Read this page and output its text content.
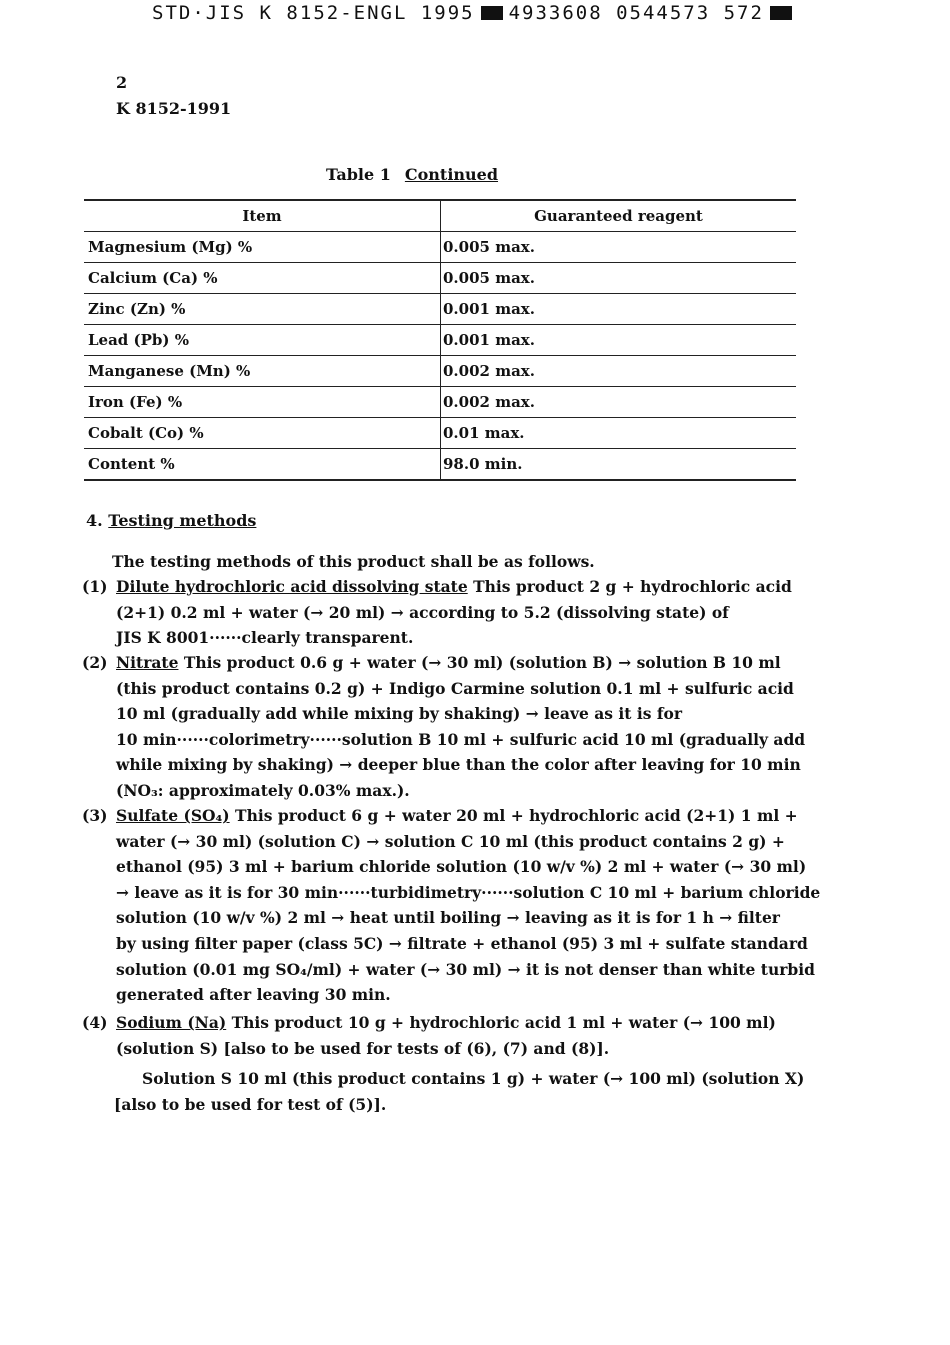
STD·JIS K 8152-ENGL 1995 4933608 0544573 572
2
K 8152-1991
Table 1 Continued
Item	Guaranteed reagent
Magnesium (Mg) %	0.005 max.
Calcium (Ca) %	0.005 max.
Zinc (Zn) %	0.001 max.
Lead (Pb) %	0.001 max.
Manganese (Mn) %	0.002 max.
Iron (Fe) %	0.002 max.
Cobalt (Co) %	0.01 max.
Content %	98.0 min.
4. Testing methods
The testing methods of this product shall be as follows.
(1) Dilute hydrochloric acid dissolving state This product 2 g + hydrochloric acid
(2+1) 0.2 ml + water (→ 20 ml) → according to 5.2 (dissolving state) of
JIS K 8001······clearly transparent.
(2) Nitrate This product 0.6 g + water (→ 30 ml) (solution B) → solution B 10 ml
(this product contains 0.2 g) + Indigo Carmine solution 0.1 ml + sulfuric acid
10 ml (gradually add while mixing by shaking) → leave as it is for
10 min······colorimetry······solution B 10 ml + sulfuric acid 10 ml (gradually add
while mixing by shaking) → deeper blue than the color after leaving for 10 min
(NO₃: approximately 0.03% max.).
(3) Sulfate (SO₄) This product 6 g + water 20 ml + hydrochloric acid (2+1) 1 ml +
water (→ 30 ml) (solution C) → solution C 10 ml (this product contains 2 g) +
ethanol (95) 3 ml + barium chloride solution (10 w/v %) 2 ml + water (→ 30 ml)
→ leave as it is for 30 min······turbidimetry······solution C 10 ml + barium chloride
solution (10 w/v %) 2 ml → heat until boiling → leaving as it is for 1 h → filter
by using filter paper (class 5C) → filtrate + ethanol (95) 3 ml + sulfate standard
solution (0.01 mg SO₄/ml) + water (→ 30 ml) → it is not denser than white turbid
generated after leaving 30 min.
(4) Sodium (Na) This product 10 g + hydrochloric acid 1 ml + water (→ 100 ml)
(solution S) [also to be used for tests of (6), (7) and (8)].
Solution S 10 ml (this product contains 1 g) + water (→ 100 ml) (solution X)
[also to be used for test of (5)].
